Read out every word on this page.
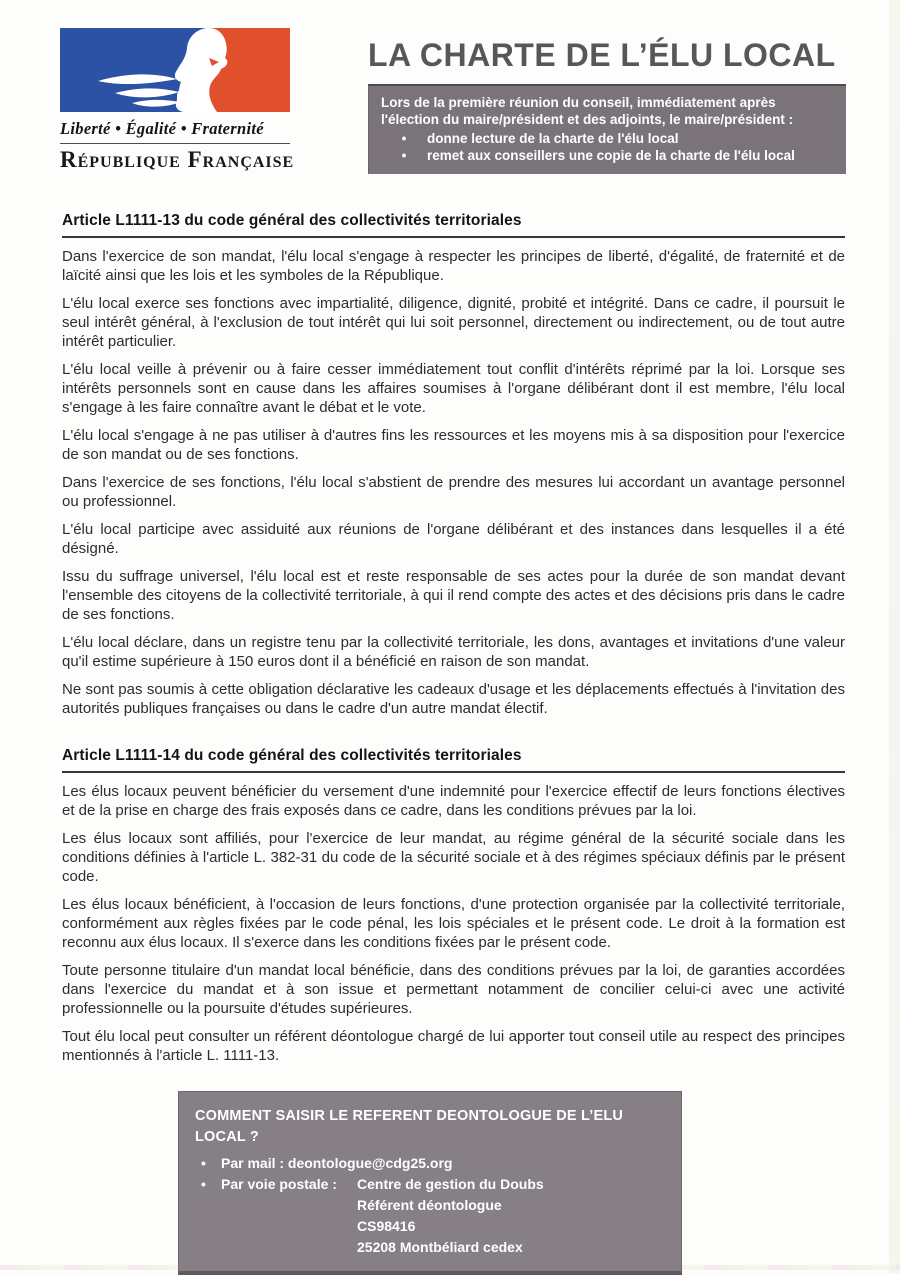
Liberté • Égalité • Fraternité
République Française
LA CHARTE DE L’ÉLU LOCAL
Lors de la première réunion du conseil, immédiatement après l'élection du maire/président et des adjoints, le maire/président :
•	donne lecture de la charte de l'élu local
•	remet aux conseillers une copie de la charte de l'élu local
Article L1111-13 du code général des collectivités territoriales

Dans l'exercice de son mandat, l'élu local s'engage à respecter les principes de liberté, d'égalité, de fraternité et de laïcité ainsi que les lois et les symboles de la République.

L'élu local exerce ses fonctions avec impartialité, diligence, dignité, probité et intégrité. Dans ce cadre, il poursuit le seul intérêt général, à l'exclusion de tout intérêt qui lui soit personnel, directement ou indirectement, ou de tout autre intérêt particulier.

L'élu local veille à prévenir ou à faire cesser immédiatement tout conflit d'intérêts réprimé par la loi. Lorsque ses intérêts personnels sont en cause dans les affaires soumises à l'organe délibérant dont il est membre, l'élu local s'engage à les faire connaître avant le débat et le vote.

L'élu local s'engage à ne pas utiliser à d'autres fins les ressources et les moyens mis à sa disposition pour l'exercice de son mandat ou de ses fonctions.

Dans l'exercice de ses fonctions, l'élu local s'abstient de prendre des mesures lui accordant un avantage personnel ou professionnel.

L'élu local participe avec assiduité aux réunions de l'organe délibérant et des instances dans lesquelles il a été désigné.

Issu du suffrage universel, l'élu local est et reste responsable de ses actes pour la durée de son mandat devant l'ensemble des citoyens de la collectivité territoriale, à qui il rend compte des actes et des décisions pris dans le cadre de ses fonctions.

L'élu local déclare, dans un registre tenu par la collectivité territoriale, les dons, avantages et invitations d'une valeur qu'il estime supérieure à 150 euros dont il a bénéficié en raison de son mandat.

Ne sont pas soumis à cette obligation déclarative les cadeaux d'usage et les déplacements effectués à l'invitation des autorités publiques françaises ou dans le cadre d'un autre mandat électif.

Article L1111-14 du code général des collectivités territoriales

Les élus locaux peuvent bénéficier du versement d'une indemnité pour l'exercice effectif de leurs fonctions électives et de la prise en charge des frais exposés dans ce cadre, dans les conditions prévues par la loi.

Les élus locaux sont affiliés, pour l'exercice de leur mandat, au régime général de la sécurité sociale dans les conditions définies à l'article L. 382-31 du code de la sécurité sociale et à des régimes spéciaux définis par le présent code.

Les élus locaux bénéficient, à l'occasion de leurs fonctions, d'une protection organisée par la collectivité territoriale, conformément aux règles fixées par le code pénal, les lois spéciales et le présent code. Le droit à la formation est reconnu aux élus locaux. Il s'exerce dans les conditions fixées par le présent code.

Toute personne titulaire d'un mandat local bénéficie, dans des conditions prévues par la loi, de garanties accordées dans l'exercice du mandat et à son issue et permettant notamment de concilier celui-ci avec une activité professionnelle ou la poursuite d'études supérieures.

Tout élu local peut consulter un référent déontologue chargé de lui apporter tout conseil utile au respect des principes mentionnés à l'article L. 1111-13.

COMMENT SAISIR LE REFERENT DEONTOLOGUE DE L’ELU LOCAL ?
•	Par mail : deontologue@cdg25.org
•	Par voie postale :	Centre de gestion du Doubs
Référent déontologue
CS98416
25208 Montbéliard cedex
